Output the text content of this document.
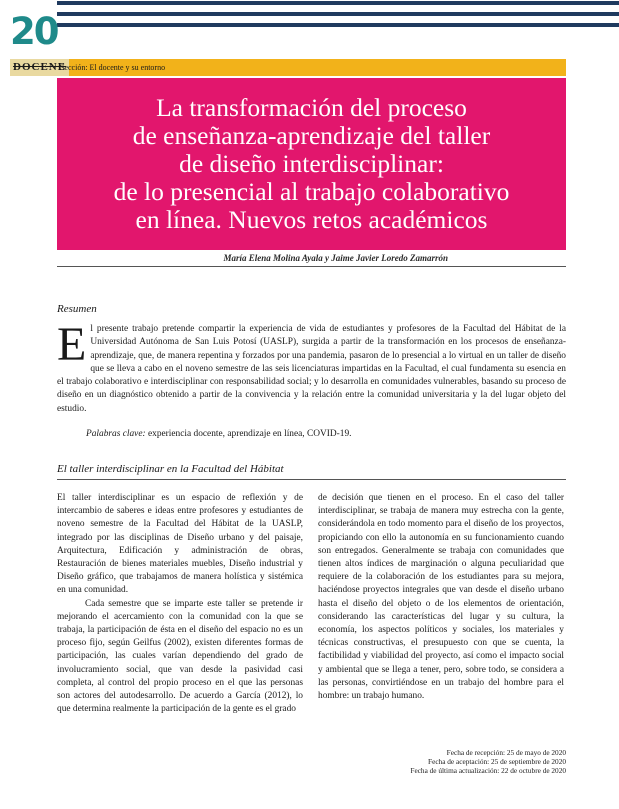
20
DOCENE
Sección: El docente y su entorno
La transformación del proceso
de enseñanza-aprendizaje del taller
de diseño interdisciplinar:
de lo presencial al trabajo colaborativo
en línea. Nuevos retos académicos
María Elena Molina Ayala y Jaime Javier Loredo Zamarrón
Resumen
El presente trabajo pretende compartir la experiencia de vida de estudiantes y profesores de la Facultad del Hábitat de la Universidad Autónoma de San Luis Potosí (UASLP), surgida a partir de la transformación en los procesos de enseñanza-aprendizaje, que, de manera repentina y forzados por una pandemia, pasaron de lo presencial a lo virtual en un taller de diseño que se lleva a cabo en el noveno semestre de las seis licenciaturas impartidas en la Facultad, el cual fundamenta su esencia en el trabajo colaborativo e interdisciplinar con responsabilidad social; y lo desarrolla en comunidades vulnerables, basando su proceso de diseño en un diagnóstico obtenido a partir de la convivencia y la relación entre la comunidad universitaria y la del lugar objeto del estudio.
Palabras clave: experiencia docente, aprendizaje en línea, COVID-19.
El taller interdisciplinar en la Facultad del Hábitat

El taller interdisciplinar es un espacio de reflexión y de intercambio de saberes e ideas entre profesores y estudiantes de noveno semestre de la Facultad del Hábitat de la UASLP, integrado por las disciplinas de Diseño urbano y del paisaje, Arquitectura, Edificación y administración de obras, Restauración de bienes materiales muebles, Diseño industrial y Diseño gráfico, que trabajamos de manera holística y sistémica en una comunidad.

Cada semestre que se imparte este taller se pretende ir mejorando el acercamiento con la comunidad con la que se trabaja, la participación de ésta en el diseño del espacio no es un proceso fijo, según Geilfus (2002), existen diferentes formas de participación, las cuales varían dependiendo del grado de involucramiento social, que van desde la pasividad casi completa, al control del propio proceso en el que las personas son actores del autodesarrollo. De acuerdo a García (2012), lo que determina realmente la participación de la gente es el grado

de decisión que tienen en el proceso. En el caso del taller interdisciplinar, se trabaja de manera muy estrecha con la gente, considerándola en todo momento para el diseño de los proyectos, propiciando con ello la autonomía en su funcionamiento cuando son entregados. Generalmente se trabaja con comunidades que tienen altos índices de marginación o alguna peculiaridad que requiere de la colaboración de los estudiantes para su mejora, haciéndose proyectos integrales que van desde el diseño urbano hasta el diseño del objeto o de los elementos de orientación, considerando las características del lugar y su cultura, la economía, los aspectos políticos y sociales, los materiales y técnicas constructivas, el presupuesto con que se cuenta, la factibilidad y viabilidad del proyecto, así como el impacto social y ambiental que se llega a tener, pero, sobre todo, se considera a las personas, convirtiéndose en un trabajo del hombre para el hombre: un trabajo humano.

Fecha de recepción: 25 de mayo de 2020
Fecha de aceptación: 25 de septiembre de 2020
Fecha de última actualización: 22 de octubre de 2020
